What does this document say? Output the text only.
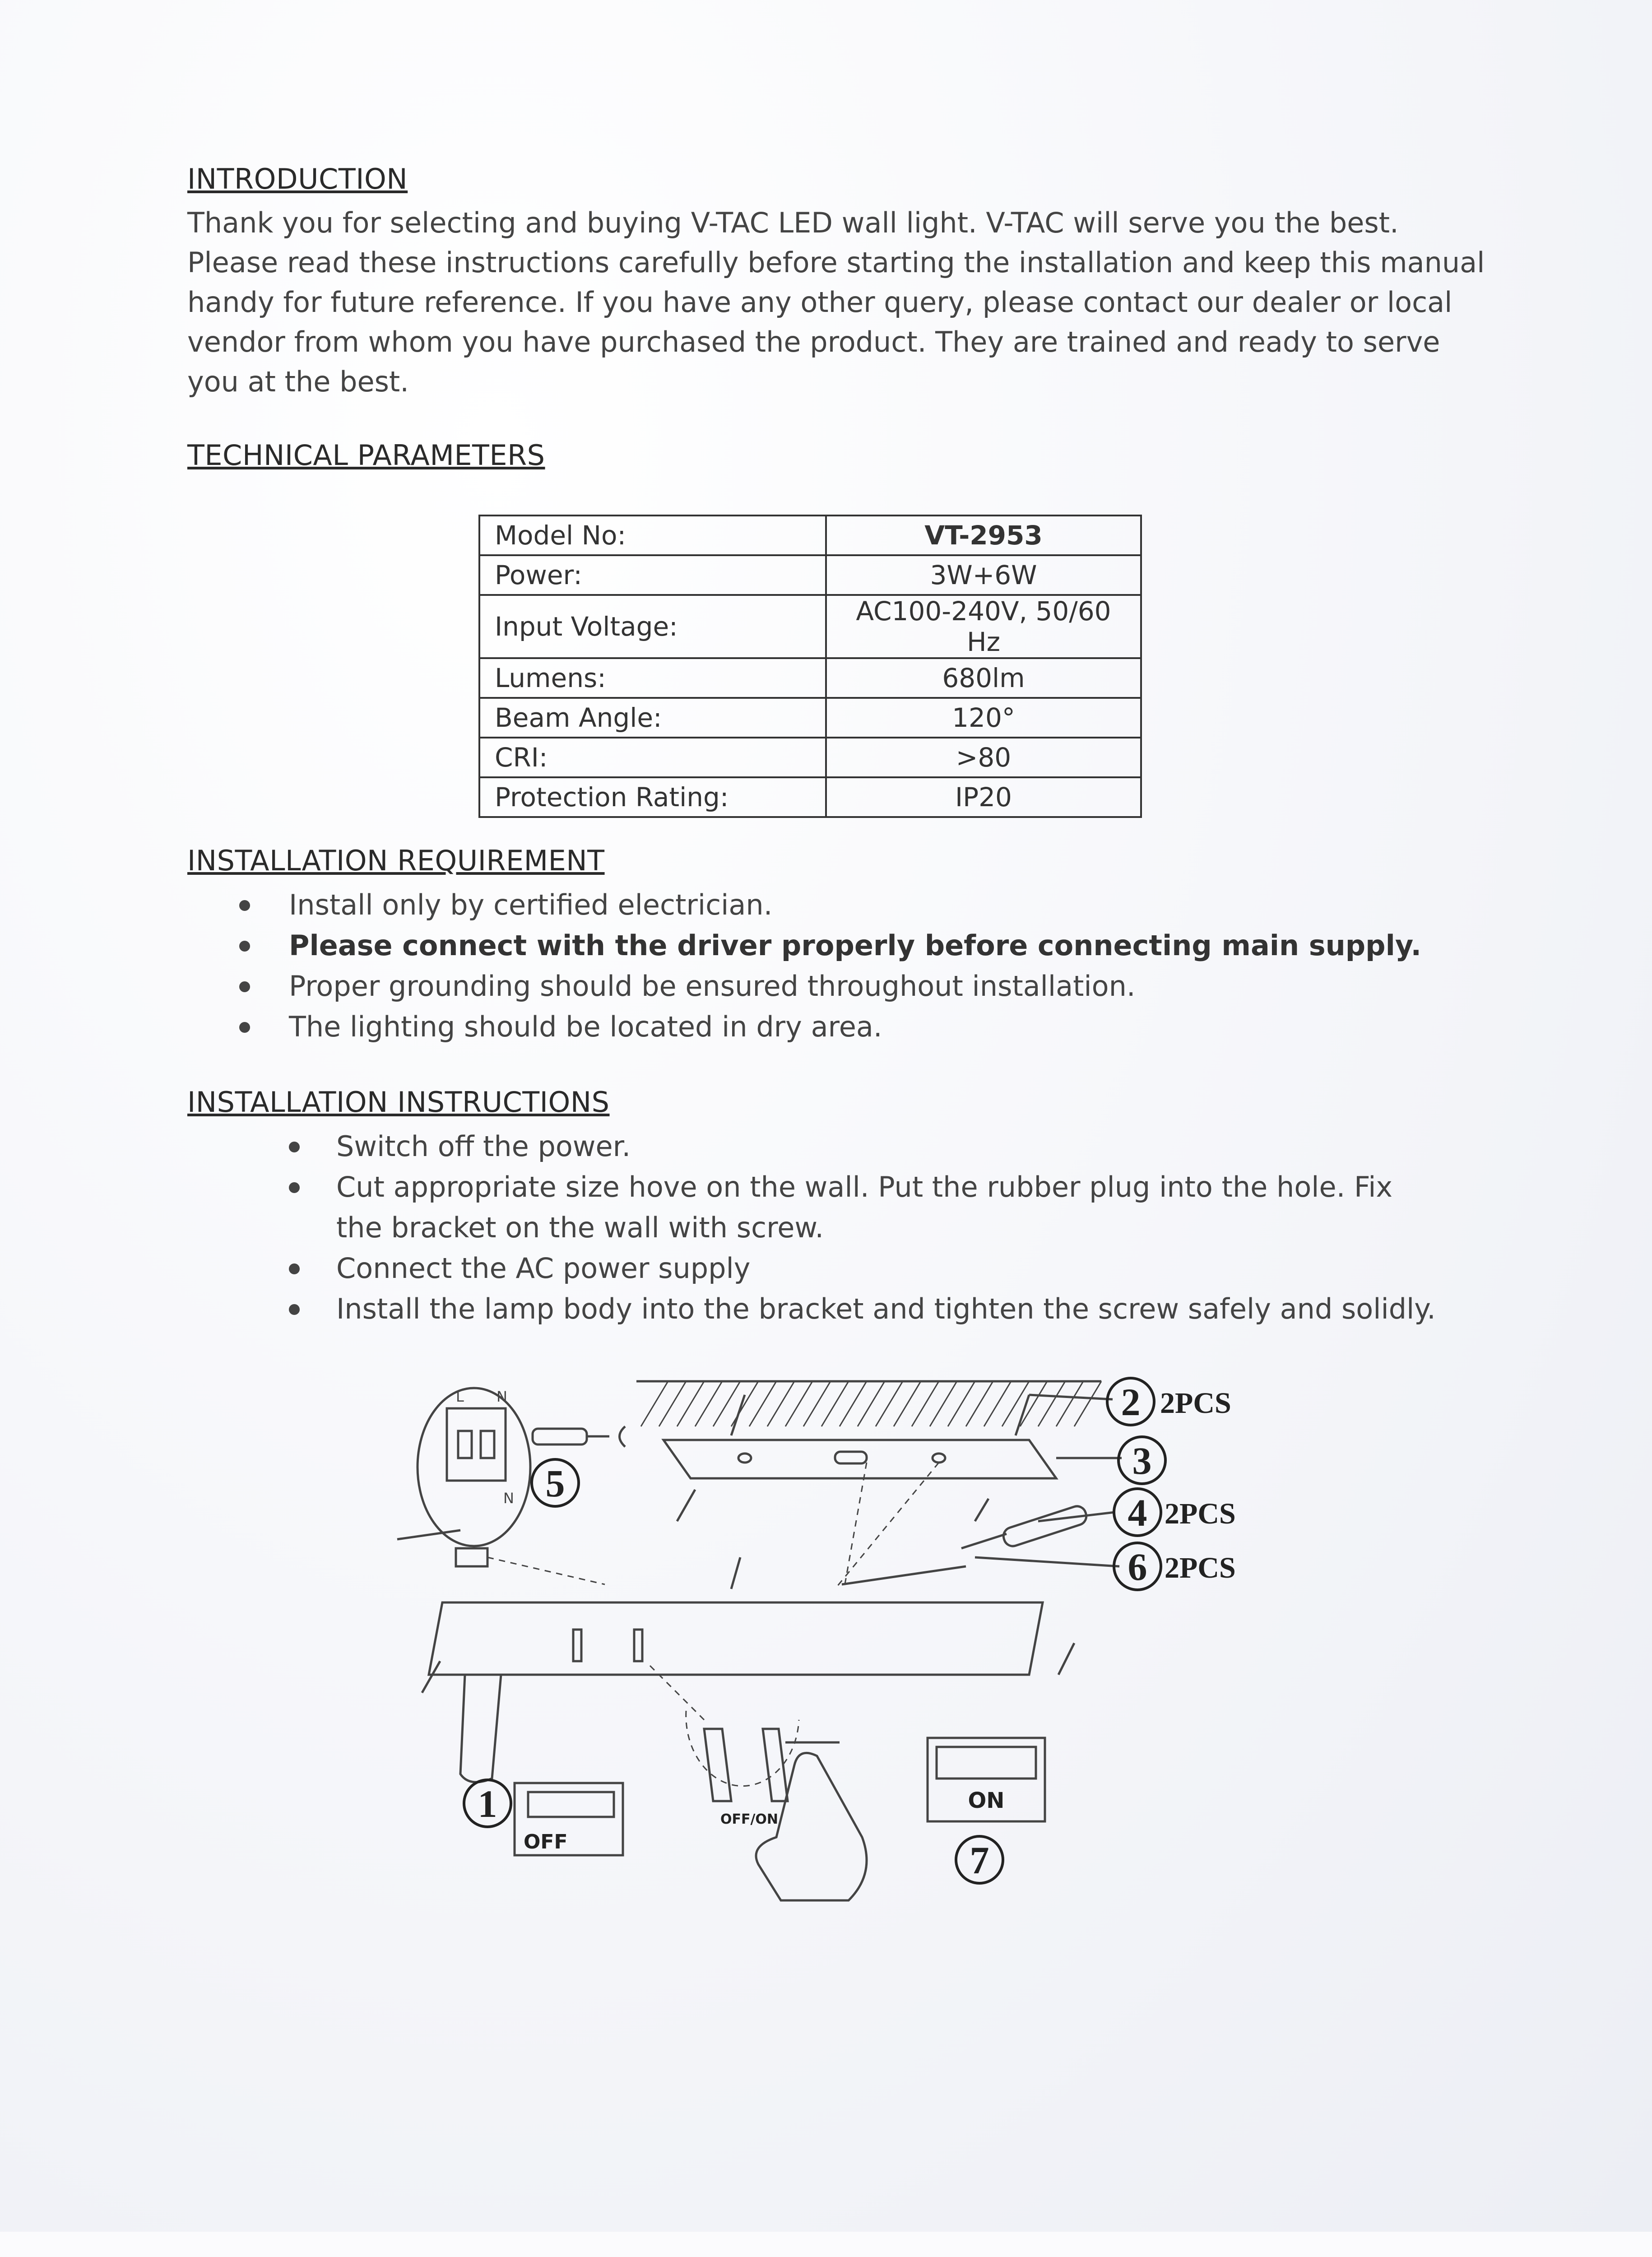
INTRODUCTION
Thank you for selecting and buying V-TAC LED wall light. V-TAC will serve you the best. Please read these instructions carefully before starting the installation and keep this manual handy for future reference. If you have any other query, please contact our dealer or local vendor from whom you have purchased the product. They are trained and ready to serve you at the best.
TECHNICAL PARAMETERS
Model No:	VT-2953
Power:	3W+6W
Input Voltage:	AC100-240V, 50/60 Hz
Lumens:	680lm
Beam Angle:	120°
CRI:	>80
Protection Rating:	IP20
INSTALLATION REQUIREMENT
Install only by certified electrician.
Please connect with the driver properly before connecting main supply.
Proper grounding should be ensured throughout installation.
The lighting should be located in dry area.
INSTALLATION INSTRUCTIONS
Switch off the power.
Cut appropriate size hove on the wall. Put the rubber plug into the hole. Fix the bracket on the wall with screw.
Connect the AC power supply
Install the lamp body into the bracket and tighten the screw safely and solidly.
L N
N
2 2PCS
3
4 2PCS
6 2PCS
5
1
7
OFF
ON
OFF/ON
